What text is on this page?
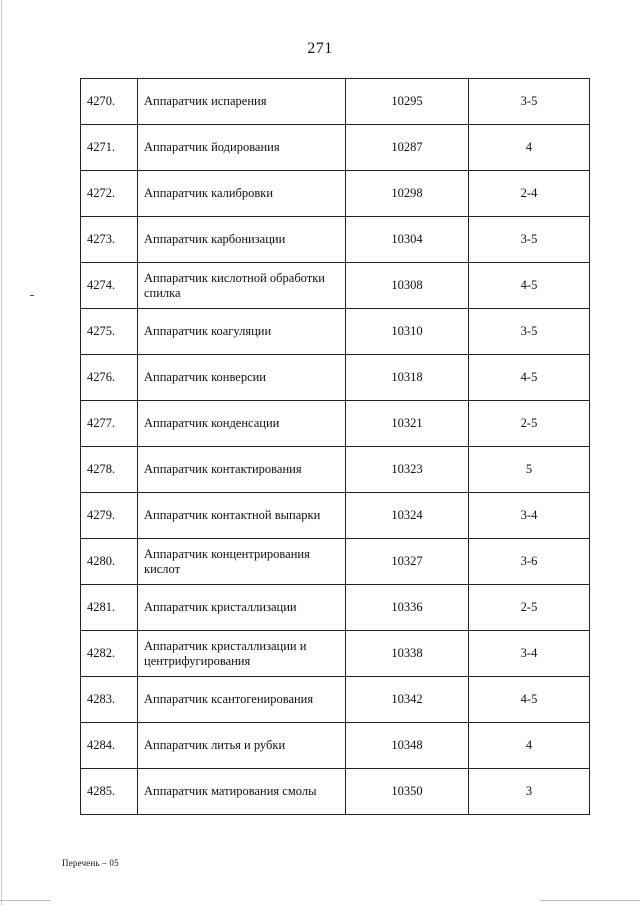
271
4270.	Аппаратчик испарения	10295	3-5
4271.	Аппаратчик йодирования	10287	4
4272.	Аппаратчик калибровки	10298	2-4
4273.	Аппаратчик карбонизации	10304	3-5
4274.	Аппаратчик кислотной обработки спилка	10308	4-5
4275.	Аппаратчик коагуляции	10310	3-5
4276.	Аппаратчик конверсии	10318	4-5
4277.	Аппаратчик конденсации	10321	2-5
4278.	Аппаратчик контактирования	10323	5
4279.	Аппаратчик контактной выпарки	10324	3-4
4280.	Аппаратчик концентрирования кислот	10327	3-6
4281.	Аппаратчик кристаллизации	10336	2-5
4282.	Аппаратчик кристаллизации и центрифугирования	10338	3-4
4283.	Аппаратчик ксантогенирования	10342	4-5
4284.	Аппаратчик литья и рубки	10348	4
4285.	Аппаратчик матирования смолы	10350	3
Перечень – 05
